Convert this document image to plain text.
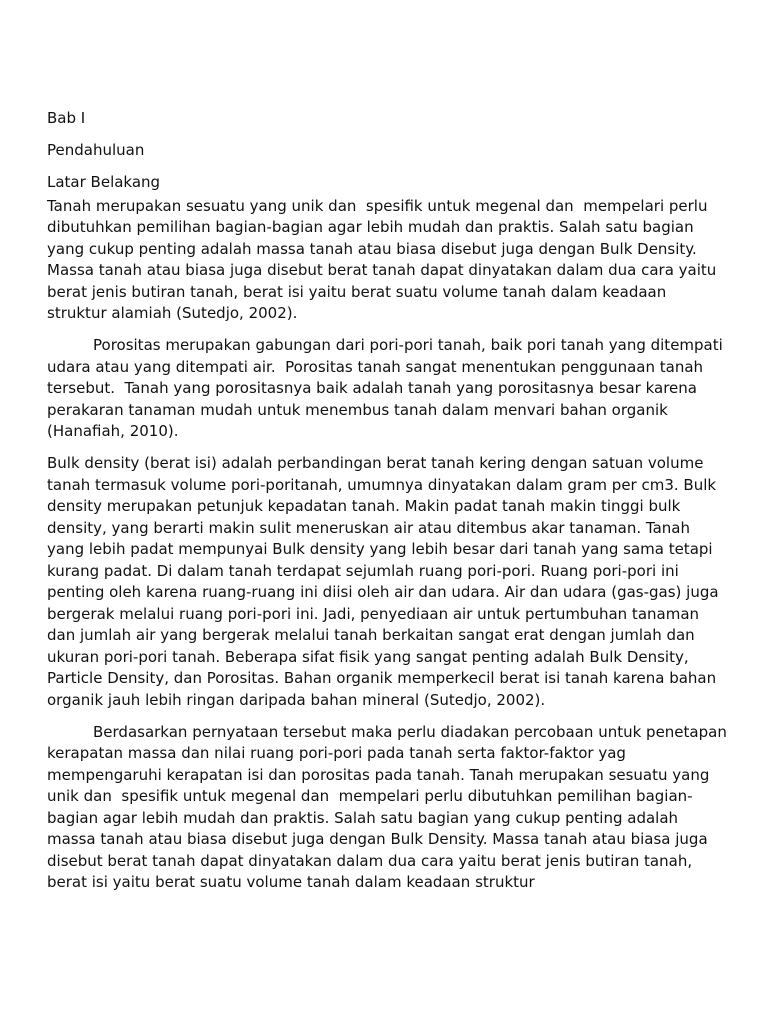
Bab I
Pendahuluan
Latar Belakang

Tanah merupakan sesuatu yang unik dan  spesifik untuk megenal dan  mempelari perlu dibutuhkan pemilihan bagian-bagian agar lebih mudah dan praktis. Salah satu bagian yang cukup penting adalah massa tanah atau biasa disebut juga dengan Bulk Density. Massa tanah atau biasa juga disebut berat tanah dapat dinyatakan dalam dua cara yaitu berat jenis butiran tanah, berat isi yaitu berat suatu volume tanah dalam keadaan struktur alamiah (Sutedjo, 2002).

Porositas merupakan gabungan dari pori-pori tanah, baik pori tanah yang ditempati udara atau yang ditempati air.  Porositas tanah sangat menentukan penggunaan tanah tersebut.  Tanah yang porositasnya baik adalah tanah yang porositasnya besar karena perakaran tanaman mudah untuk menembus tanah dalam menvari bahan organik (Hanafiah, 2010).

Bulk density (berat isi) adalah perbandingan berat tanah kering dengan satuan volume tanah termasuk volume pori-poritanah, umumnya dinyatakan dalam gram per cm3. Bulk density merupakan petunjuk kepadatan tanah. Makin padat tanah makin tinggi bulk density, yang berarti makin sulit meneruskan air atau ditembus akar tanaman. Tanah yang lebih padat mempunyai Bulk density yang lebih besar dari tanah yang sama tetapi kurang padat. Di dalam tanah terdapat sejumlah ruang pori-pori. Ruang pori-pori ini penting oleh karena ruang-ruang ini diisi oleh air dan udara. Air dan udara (gas-gas) juga bergerak melalui ruang pori-pori ini. Jadi, penyediaan air untuk pertumbuhan tanaman dan jumlah air yang bergerak melalui tanah berkaitan sangat erat dengan jumlah dan ukuran pori-pori tanah. Beberapa sifat fisik yang sangat penting adalah Bulk Density, Particle Density, dan Porositas. Bahan organik memperkecil berat isi tanah karena bahan organik jauh lebih ringan daripada bahan mineral (Sutedjo, 2002).

Berdasarkan pernyataan tersebut maka perlu diadakan percobaan untuk penetapan kerapatan massa dan nilai ruang pori-pori pada tanah serta faktor-faktor yag mempengaruhi kerapatan isi dan porositas pada tanah. Tanah merupakan sesuatu yang unik dan  spesifik untuk megenal dan  mempelari perlu dibutuhkan pemilihan bagian-bagian agar lebih mudah dan praktis. Salah satu bagian yang cukup penting adalah massa tanah atau biasa disebut juga dengan Bulk Density. Massa tanah atau biasa juga disebut berat tanah dapat dinyatakan dalam dua cara yaitu berat jenis butiran tanah, berat isi yaitu berat suatu volume tanah dalam keadaan struktur
